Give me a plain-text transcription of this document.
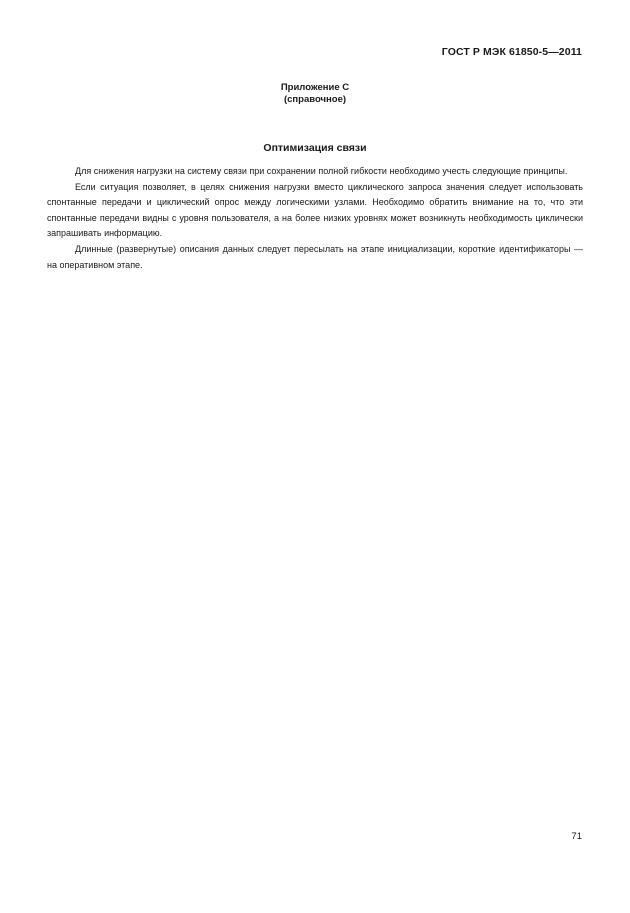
ГОСТ Р МЭК 61850-5—2011
Приложение С
(справочное)
Оптимизация связи

Для снижения нагрузки на систему связи при сохранении полной гибкости необходимо учесть следующие принципы.

Если ситуация позволяет, в целях снижения нагрузки вместо циклического запроса значения следует использовать спонтанные передачи и циклический опрос между логическими узлами. Необходимо обратить внимание на то, что эти спонтанные передачи видны с уровня пользователя, а на более низких уровнях может возникнуть необходимость циклически запрашивать информацию.

Длинные (развернутые) описания данных следует пересылать на этапе инициализации, короткие идентификаторы — на оперативном этапе.

71
